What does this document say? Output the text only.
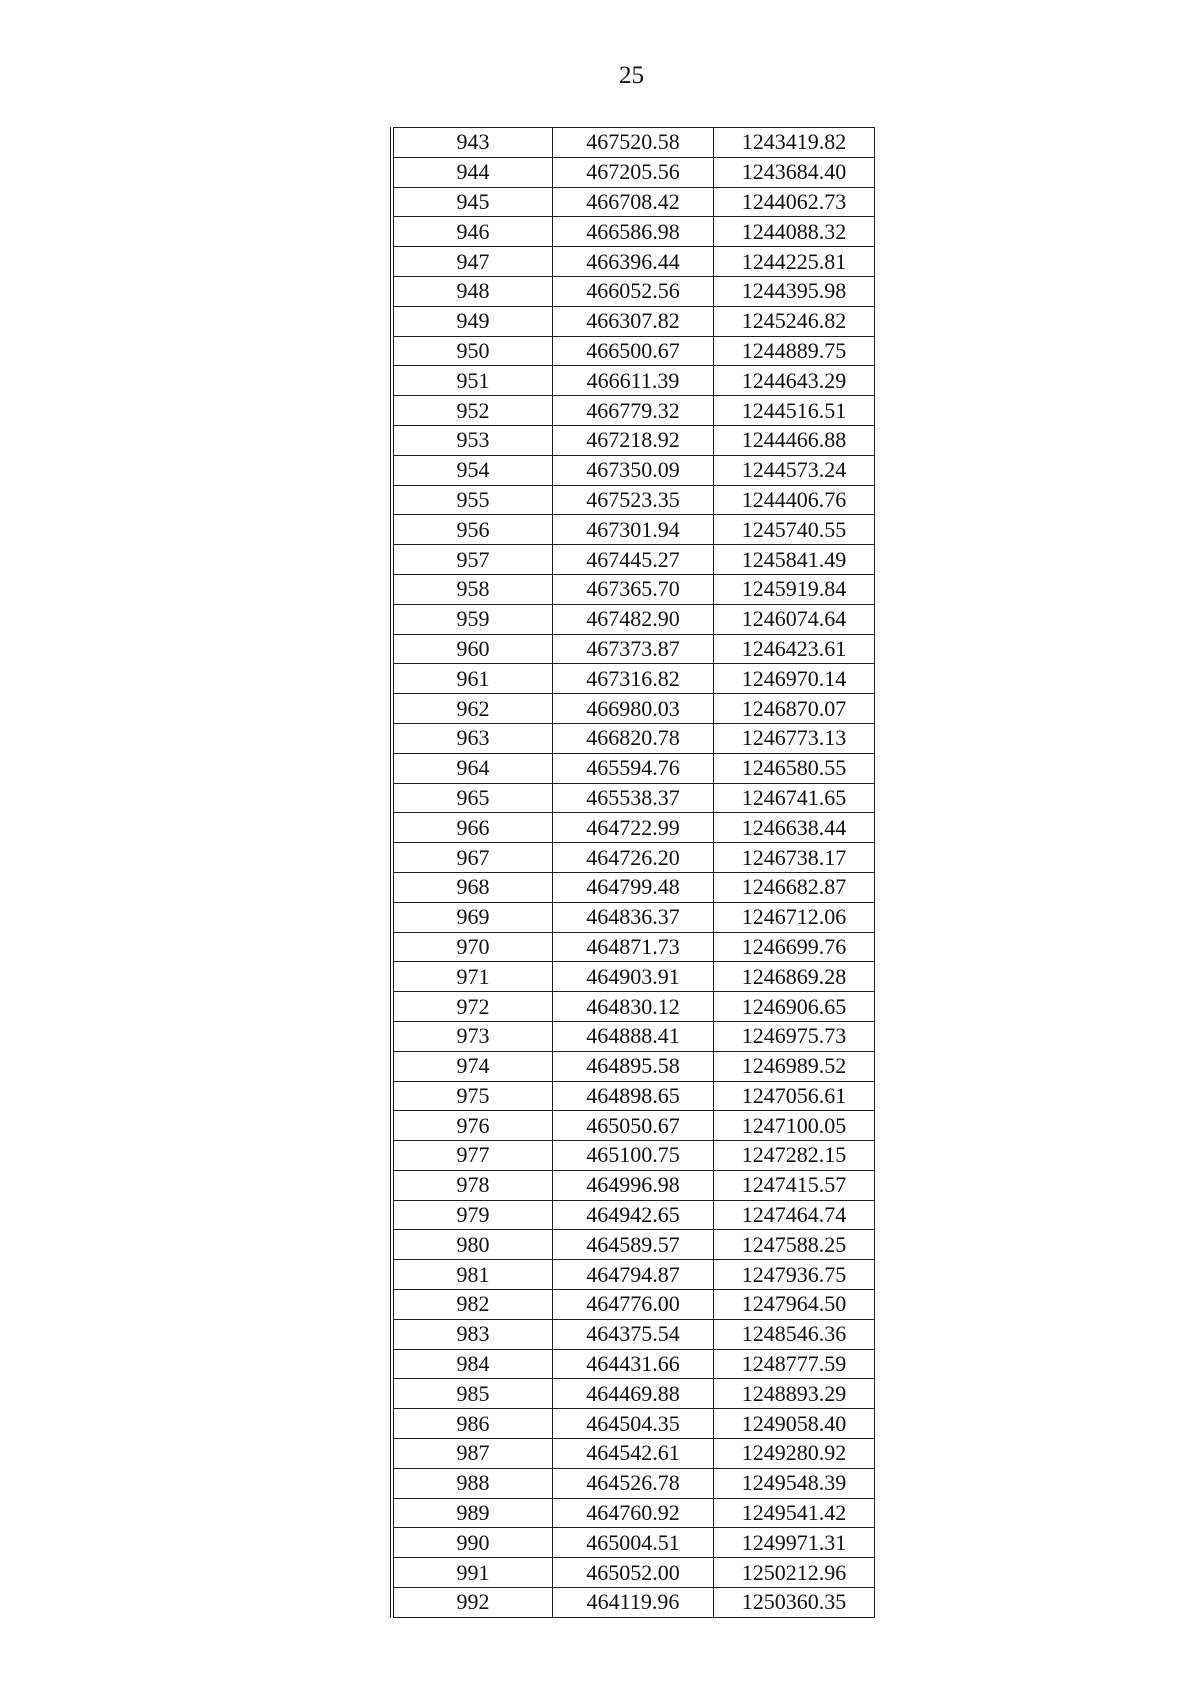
25
943	467520.58	1243419.82
944	467205.56	1243684.40
945	466708.42	1244062.73
946	466586.98	1244088.32
947	466396.44	1244225.81
948	466052.56	1244395.98
949	466307.82	1245246.82
950	466500.67	1244889.75
951	466611.39	1244643.29
952	466779.32	1244516.51
953	467218.92	1244466.88
954	467350.09	1244573.24
955	467523.35	1244406.76
956	467301.94	1245740.55
957	467445.27	1245841.49
958	467365.70	1245919.84
959	467482.90	1246074.64
960	467373.87	1246423.61
961	467316.82	1246970.14
962	466980.03	1246870.07
963	466820.78	1246773.13
964	465594.76	1246580.55
965	465538.37	1246741.65
966	464722.99	1246638.44
967	464726.20	1246738.17
968	464799.48	1246682.87
969	464836.37	1246712.06
970	464871.73	1246699.76
971	464903.91	1246869.28
972	464830.12	1246906.65
973	464888.41	1246975.73
974	464895.58	1246989.52
975	464898.65	1247056.61
976	465050.67	1247100.05
977	465100.75	1247282.15
978	464996.98	1247415.57
979	464942.65	1247464.74
980	464589.57	1247588.25
981	464794.87	1247936.75
982	464776.00	1247964.50
983	464375.54	1248546.36
984	464431.66	1248777.59
985	464469.88	1248893.29
986	464504.35	1249058.40
987	464542.61	1249280.92
988	464526.78	1249548.39
989	464760.92	1249541.42
990	465004.51	1249971.31
991	465052.00	1250212.96
992	464119.96	1250360.35
